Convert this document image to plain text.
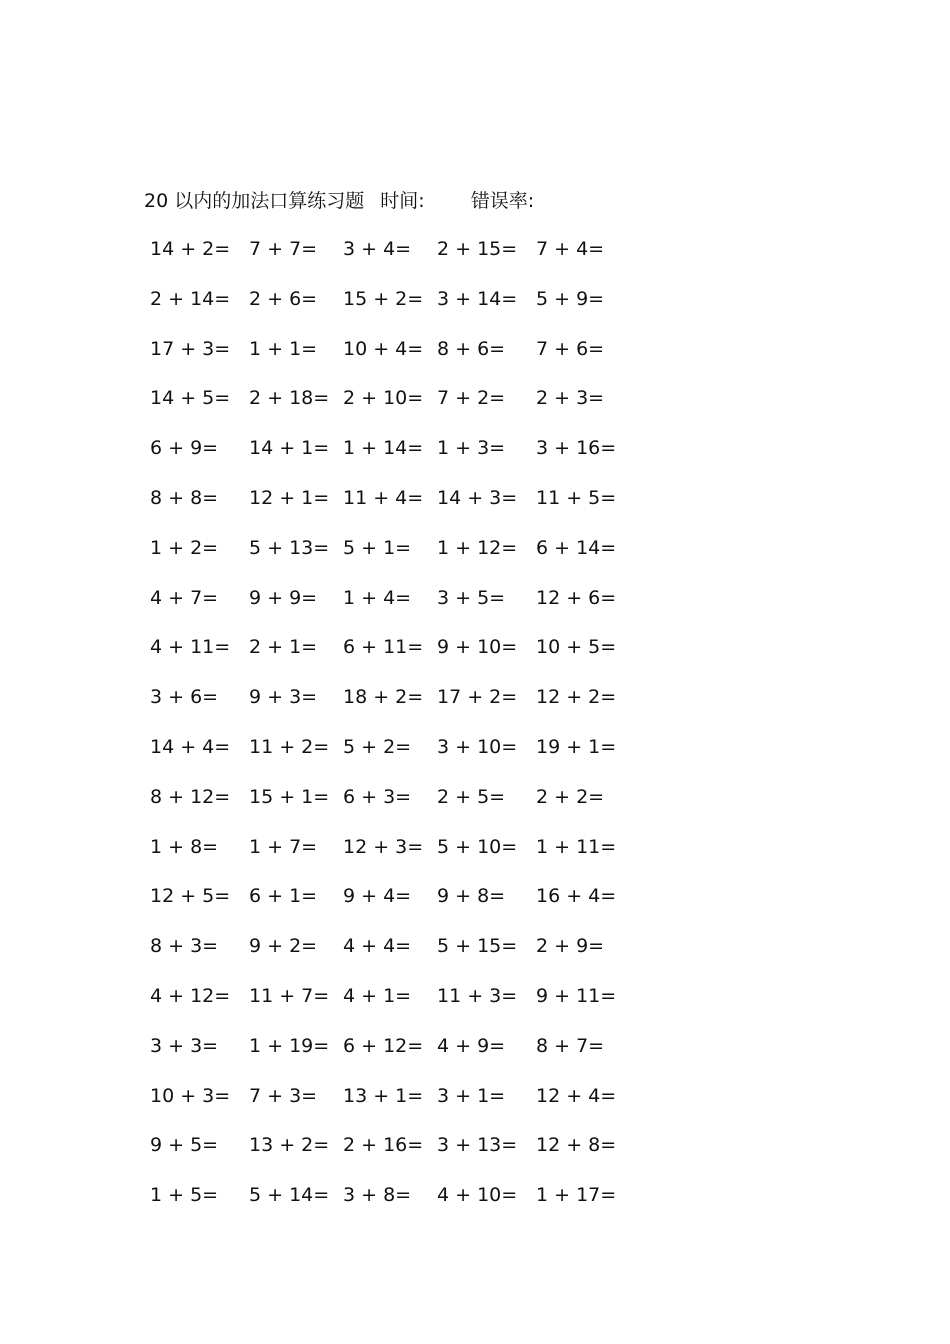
20 以内的加法口算练习题 时间: 错误率:
14 + 2= 7 + 7= 3 + 4= 2 + 15= 7 + 4=
2 + 14= 2 + 6= 15 + 2= 3 + 14= 5 + 9=
17 + 3= 1 + 1= 10 + 4= 8 + 6= 7 + 6=
14 + 5= 2 + 18= 2 + 10= 7 + 2= 2 + 3=
6 + 9= 14 + 1= 1 + 14= 1 + 3= 3 + 16=
8 + 8= 12 + 1= 11 + 4= 14 + 3= 11 + 5=
1 + 2= 5 + 13= 5 + 1= 1 + 12= 6 + 14=
4 + 7= 9 + 9= 1 + 4= 3 + 5= 12 + 6=
4 + 11= 2 + 1= 6 + 11= 9 + 10= 10 + 5=
3 + 6= 9 + 3= 18 + 2= 17 + 2= 12 + 2=
14 + 4= 11 + 2= 5 + 2= 3 + 10= 19 + 1=
8 + 12= 15 + 1= 6 + 3= 2 + 5= 2 + 2=
1 + 8= 1 + 7= 12 + 3= 5 + 10= 1 + 11=
12 + 5= 6 + 1= 9 + 4= 9 + 8= 16 + 4=
8 + 3= 9 + 2= 4 + 4= 5 + 15= 2 + 9=
4 + 12= 11 + 7= 4 + 1= 11 + 3= 9 + 11=
3 + 3= 1 + 19= 6 + 12= 4 + 9= 8 + 7=
10 + 3= 7 + 3= 13 + 1= 3 + 1= 12 + 4=
9 + 5= 13 + 2= 2 + 16= 3 + 13= 12 + 8=
1 + 5= 5 + 14= 3 + 8= 4 + 10= 1 + 17=
